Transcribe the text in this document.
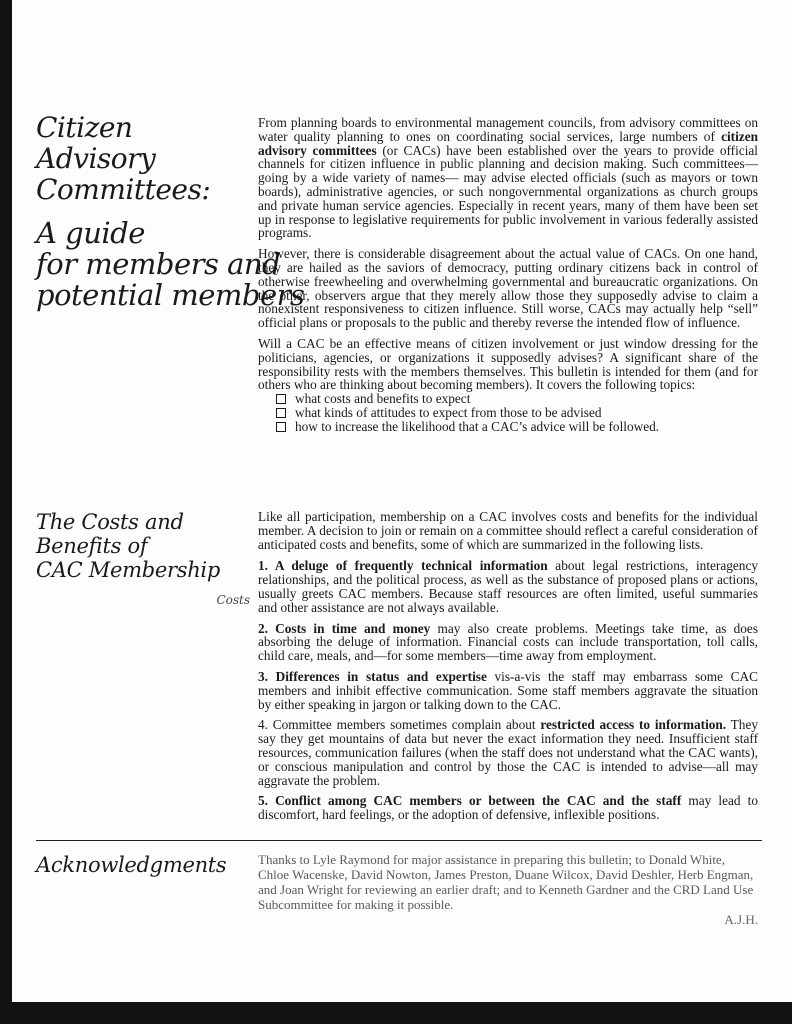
Citizen
Advisory
Committees:
A guide
for members and
potential members

From planning boards to environmental management councils, from advisory committees on water quality planning to ones on coordinating social services, large numbers of citizen advisory committees (or CACs) have been established over the years to provide official channels for citizen influence in public planning and decision making. Such committees—going by a wide variety of names— may advise elected officials (such as mayors or town boards), administrative agencies, or such nongovernmental organizations as church groups and private human service agencies. Especially in recent years, many of them have been set up in response to legislative requirements for public involvement in various federally assisted programs.

However, there is considerable disagreement about the actual value of CACs. On one hand, they are hailed as the saviors of democracy, putting ordinary citizens back in control of otherwise freewheeling and overwhelming governmental and bureaucratic organizations. On the other, observers argue that they merely allow those they supposedly advise to claim a nonexistent responsiveness to citizen influence. Still worse, CACs may actually help “sell” official plans or proposals to the public and thereby reverse the intended flow of influence.

Will a CAC be an effective means of citizen involvement or just window dressing for the politicians, agencies, or organizations it supposedly advises? A significant share of the responsibility rests with the members themselves. This bulletin is intended for them (and for others who are thinking about becoming members). It covers the following topics:

what costs and benefits to expect
what kinds of attitudes to expect from those to be advised
how to increase the likelihood that a CAC’s advice will be followed.
The Costs and
Benefits of
CAC Membership
Costs

Like all participation, membership on a CAC involves costs and benefits for the individual member. A decision to join or remain on a committee should reflect a careful consideration of anticipated costs and benefits, some of which are summarized in the following lists.

1. A deluge of frequently technical information about legal restrictions, interagency relationships, and the political process, as well as the substance of proposed plans or actions, usually greets CAC members. Because staff resources are often limited, useful summaries and other assistance are not always available.

2. Costs in time and money may also create problems. Meetings take time, as does absorbing the deluge of information. Financial costs can include transportation, toll calls, child care, meals, and—for some members—time away from employment.

3. Differences in status and expertise vis-a-vis the staff may embarrass some CAC members and inhibit effective communication. Some staff members aggravate the situation by either speaking in jargon or talking down to the CAC.

4. Committee members sometimes complain about restricted access to information. They say they get mountains of data but never the exact information they need. Insufficient staff resources, communication failures (when the staff does not understand what the CAC wants), or conscious manipulation and control by those the CAC is intended to advise—all may aggravate the problem.

5. Conflict among CAC members or between the CAC and the staff may lead to discomfort, hard feelings, or the adoption of defensive, inflexible positions.

Acknowledgments Thanks to Lyle Raymond for major assistance in preparing this bulletin; to Donald White, Chloe Wacenske, David Nowton, James Preston, Duane Wilcox, David Deshler, Herb Engman, and Joan Wright for reviewing an earlier draft; and to Kenneth Gardner and the CRD Land Use Subcommittee for making it possible.
A.J.H.
